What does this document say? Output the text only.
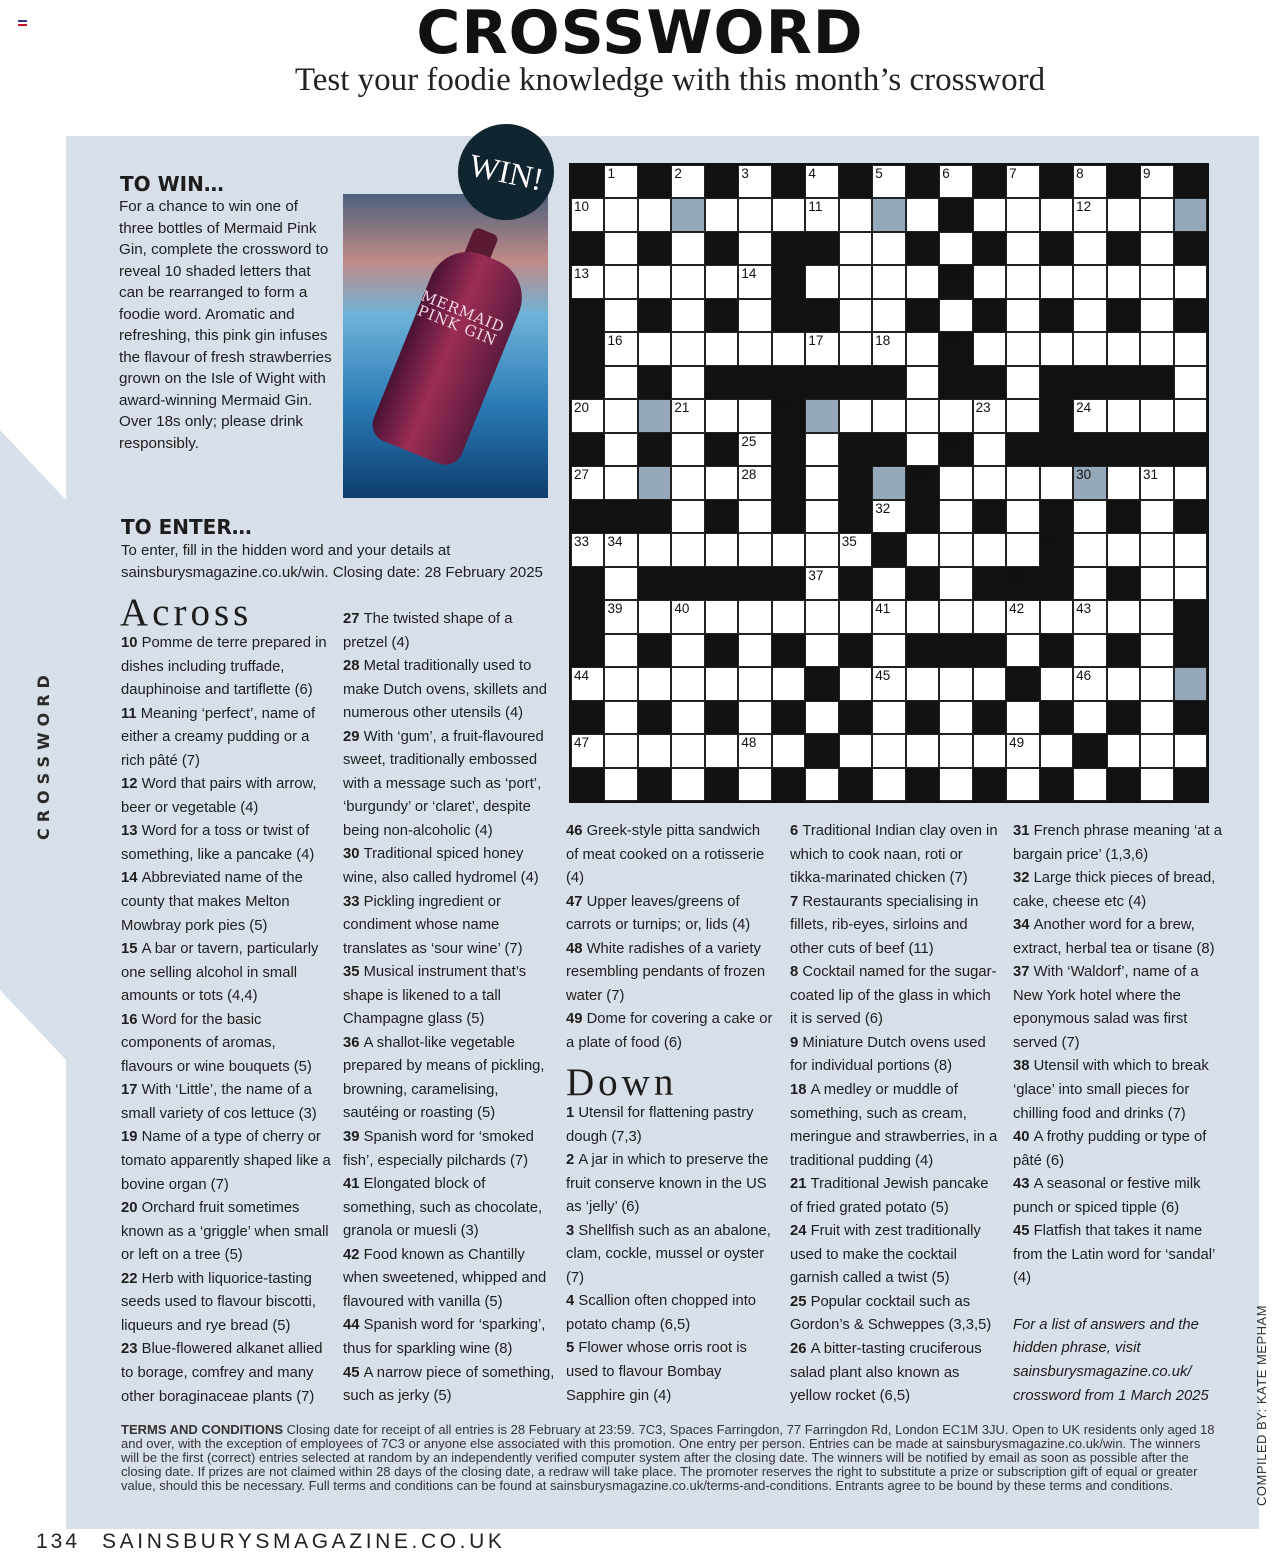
CROSSWORD
Test your foodie knowledge with this month’s crossword
CROSSWORD
TO WIN…
For a chance to win one of three bottles of Mermaid Pink Gin, complete the crossword to reveal 10 shaded letters that can be rearranged to form a foodie word. Aromatic and refreshing, this pink gin infuses the flavour of fresh strawberries grown on the Isle of Wight with award-winning Mermaid Gin. Over 18s only; please drink responsibly.
MERMAID PINK GIN
WIN!
TO ENTER…
To enter, fill in the hidden word and your details at sainsburysmagazine.co.uk/win. Closing date: 28 February 2025
1	2	3	4	5	6	7	8	9
10	11	12
13	14	15
16	17	18	19
20	21	22	23	24
25	26
27	28	29	30	31
32
33 34	35	36
37	38
39	40	41	42	43
44	45	46
47	48	49
Across
10 Pomme de terre prepared in dishes including truffade, dauphinoise and tartiflette (6)
11 Meaning ‘perfect’, name of either a creamy pudding or a rich pâté (7)
12 Word that pairs with arrow, beer or vegetable (4)
13 Word for a toss or twist of something, like a pancake (4)
14 Abbreviated name of the county that makes Melton Mowbray pork pies (5)
15 A bar or tavern, particularly one selling alcohol in small amounts or tots (4,4)
16 Word for the basic components of aromas, flavours or wine bouquets (5)
17 With ‘Little’, the name of a small variety of cos lettuce (3)
19 Name of a type of cherry or tomato apparently shaped like a bovine organ (7)
20 Orchard fruit sometimes known as a ‘griggle’ when small or left on a tree (5)
22 Herb with liquorice-tasting seeds used to flavour biscotti, liqueurs and rye bread (5)
23 Blue-flowered alkanet allied to borage, comfrey and many other boraginaceae plants (7)
27 The twisted shape of a pretzel (4)
28 Metal traditionally used to make Dutch ovens, skillets and numerous other utensils (4)
29 With ‘gum’, a fruit-flavoured sweet, traditionally embossed with a message such as ‘port’, ‘burgundy’ or ‘claret’, despite being non-alcoholic (4)
30 Traditional spiced honey wine, also called hydromel (4)
33 Pickling ingredient or condiment whose name translates as ‘sour wine’ (7)
35 Musical instrument that’s shape is likened to a tall Champagne glass (5)
36 A shallot-like vegetable prepared by means of pickling, browning, caramelising, sautéing or roasting (5)
39 Spanish word for ‘smoked fish’, especially pilchards (7)
41 Elongated block of something, such as chocolate, granola or muesli (3)
42 Food known as Chantilly when sweetened, whipped and flavoured with vanilla (5)
44 Spanish word for ‘sparking’, thus for sparkling wine (8)
45 A narrow piece of something, such as jerky (5)
46 Greek-style pitta sandwich of meat cooked on a rotisserie (4)
47 Upper leaves/greens of carrots or turnips; or, lids (4)
48 White radishes of a variety resembling pendants of frozen water (7)
49 Dome for covering a cake or a plate of food (6)
Down
1 Utensil for flattening pastry dough (7,3)
2 A jar in which to preserve the fruit conserve known in the US as ‘jelly’ (6)
3 Shellfish such as an abalone, clam, cockle, mussel or oyster (7)
4 Scallion often chopped into potato champ (6,5)
5 Flower whose orris root is used to flavour Bombay Sapphire gin (4)
6 Traditional Indian clay oven in which to cook naan, roti or tikka-marinated chicken (7)
7 Restaurants specialising in fillets, rib-eyes, sirloins and other cuts of beef (11)
8 Cocktail named for the sugar-coated lip of the glass in which it is served (6)
9 Miniature Dutch ovens used for individual portions (8)
18 A medley or muddle of something, such as cream, meringue and strawberries, in a traditional pudding (4)
21 Traditional Jewish pancake of fried grated potato (5)
24 Fruit with zest traditionally used to make the cocktail garnish called a twist (5)
25 Popular cocktail such as Gordon’s & Schweppes (3,3,5)
26 A bitter-tasting cruciferous salad plant also known as yellow rocket (6,5)
31 French phrase meaning ‘at a bargain price’ (1,3,6)
32 Large thick pieces of bread, cake, cheese etc (4)
34 Another word for a brew, extract, herbal tea or tisane (8)
37 With ‘Waldorf’, name of a New York hotel where the eponymous salad was first served (7)
38 Utensil with which to break ‘glace’ into small pieces for chilling food and drinks (7)
40 A frothy pudding or type of pâté (6)
43 A seasonal or festive milk punch or spiced tipple (6)
45 Flatfish that takes it name from the Latin word for ‘sandal’ (4)
For a list of answers and the hidden phrase, visit sainsburysmagazine.co.uk/ crossword from 1 March 2025
TERMS AND CONDITIONS Closing date for receipt of all entries is 28 February at 23:59. 7C3, Spaces Farringdon, 77 Farringdon Rd, London EC1M 3JU. Open to UK residents only aged 18 and over, with the exception of employees of 7C3 or anyone else associated with this promotion. One entry per person. Entries can be made at sainsburysmagazine.co.uk/win. The winners will be the first (correct) entries selected at random by an independently verified computer system after the closing date. The winners will be notified by email as soon as possible after the closing date. If prizes are not claimed within 28 days of the closing date, a redraw will take place. The promoter reserves the right to substitute a prize or subscription gift of equal or greater value, should this be necessary. Full terms and conditions can be found at sainsburysmagazine.co.uk/terms-and-conditions. Entrants agree to be bound by these terms and conditions.	COMPILED BY: KATE MEPHAM
134 SAINSBURYSMAGAZINE.CO.UK
